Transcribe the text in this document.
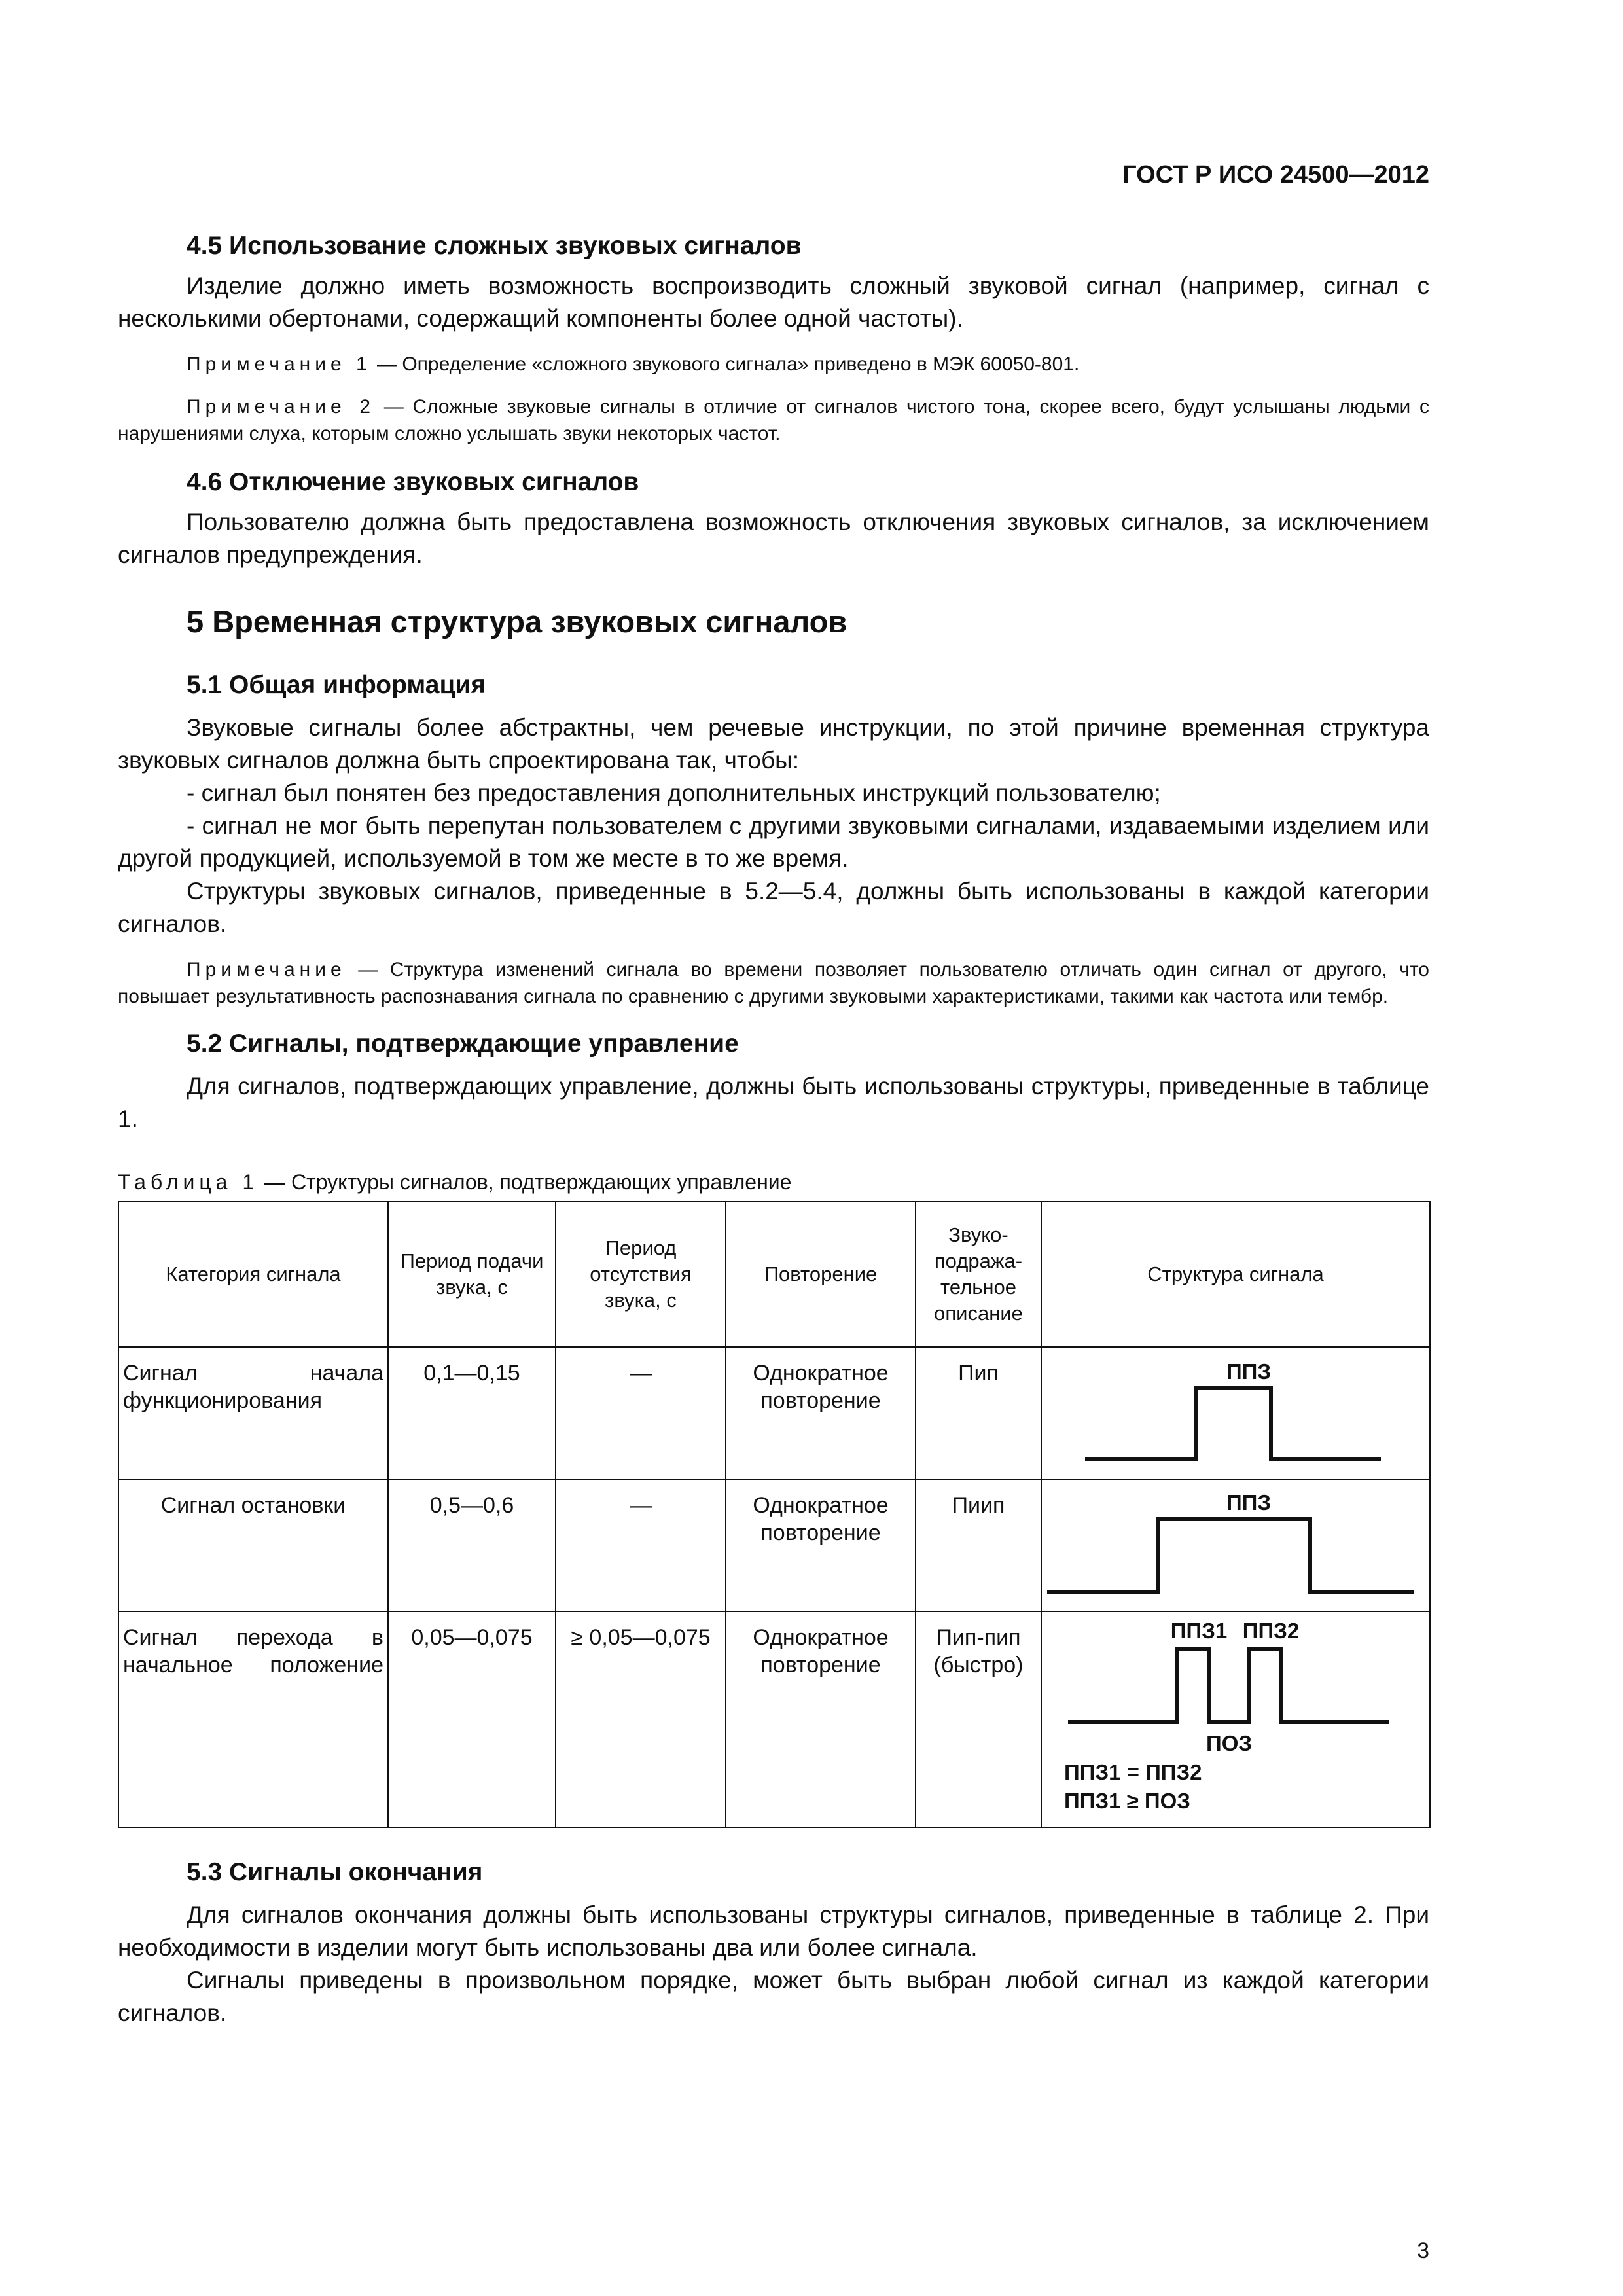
ГОСТ Р ИСО 24500—2012

4.5 Использование сложных звуковых сигналов

Изделие должно иметь возможность воспроизводить сложный звуковой сигнал (например, сигнал с несколькими обертонами, содержащий компоненты более одной частоты).

Примечание 1 — Определение «сложного звукового сигнала» приведено в МЭК 60050-801.

Примечание 2 — Сложные звуковые сигналы в отличие от сигналов чистого тона, скорее всего, будут услышаны людьми с нарушениями слуха, которым сложно услышать звуки некоторых частот.

4.6 Отключение звуковых сигналов

Пользователю должна быть предоставлена возможность отключения звуковых сигналов, за исключением сигналов предупреждения.

5 Временная структура звуковых сигналов

5.1 Общая информация

Звуковые сигналы более абстрактны, чем речевые инструкции, по этой причине временная структура звуковых сигналов должна быть спроектирована так, чтобы:

- сигнал был понятен без предоставления дополнительных инструкций пользователю;

- сигнал не мог быть перепутан пользователем с другими звуковыми сигналами, издаваемыми изделием или другой продукцией, используемой в том же месте в то же время.

Структуры звуковых сигналов, приведенные в 5.2—5.4, должны быть использованы в каждой категории сигналов.

Примечание — Структура изменений сигнала во времени позволяет пользователю отличать один сигнал от другого, что повышает результативность распознавания сигнала по сравнению с другими звуковыми характеристиками, такими как частота или тембр.

5.2 Сигналы, подтверждающие управление

Для сигналов, подтверждающих управление, должны быть использованы структуры, приведенные в таблице 1.

Таблица 1 — Структуры сигналов, подтверждающих управление

Категория сигнала	Период подачи звука, с	Период отсутствия звука, с	Повторение	Звуко-подража-тельное описание	Структура сигнала
Сигнал начала функционирования	0,1—0,15	—	Однократное повторение	Пип	ППЗ

Сигнал остановки	0,5—0,6	—	Однократное повторение	Пиип	ППЗ

Сигнал перехода в начальное положение	0,05—0,075	≥ 0,05—0,075	Однократное повторение	Пип-пип (быстро)	ППЗ1 ППЗ2
ПОЗ
ППЗ1 = ППЗ2
ППЗ1 ≥ ПОЗ

5.3 Сигналы окончания

Для сигналов окончания должны быть использованы структуры сигналов, приведенные в таблице 2. При необходимости в изделии могут быть использованы два или более сигнала.

Сигналы приведены в произвольном порядке, может быть выбран любой сигнал из каждой категории сигналов.

3
